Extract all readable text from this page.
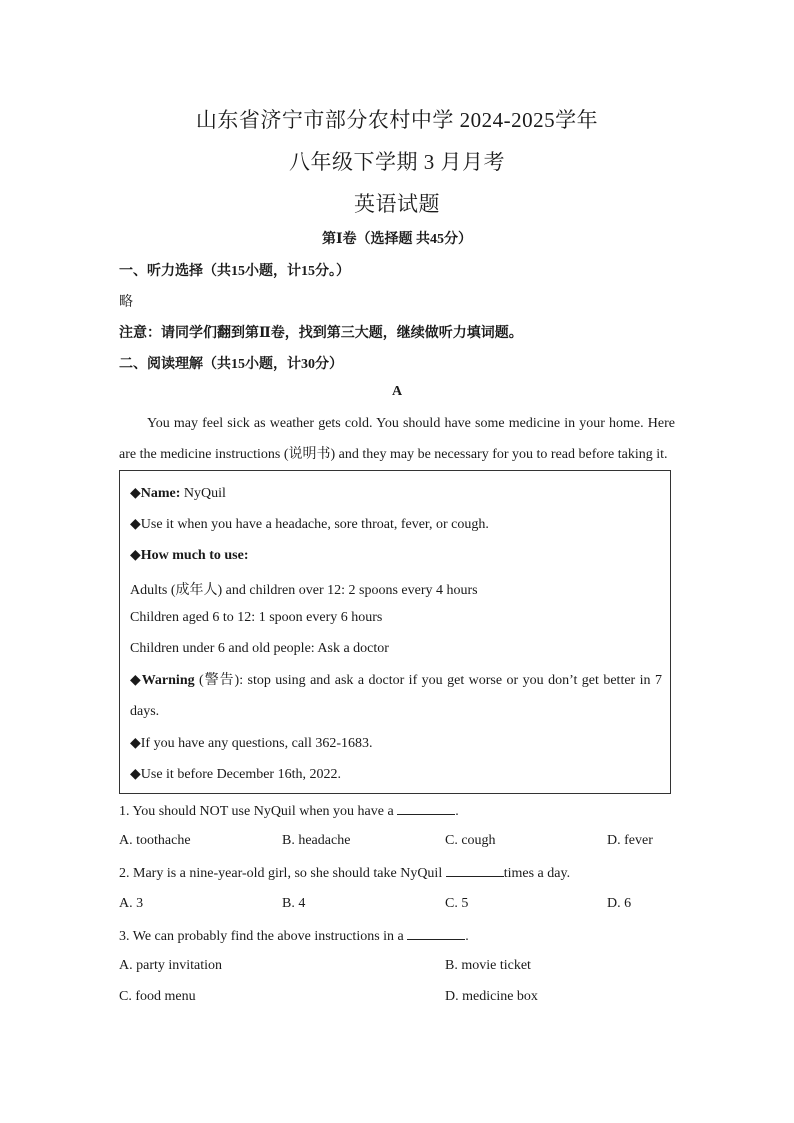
山东省济宁市部分农村中学 2024-2025学年
八年级下学期 3 月月考
英语试题
第Ⅰ卷（选择题 共45分）
一、听力选择（共15小题，计15分。）
略
注意：请同学们翻到第Ⅱ卷，找到第三大题，继续做听力填词题。
二、阅读理解（共15小题，计30分）
A
You may feel sick as weather gets cold. You should have some medicine in your home. Here are the medicine instructions (说明书) and they may be necessary for you to read before taking it.
◆Name: NyQuil
◆Use it when you have a headache, sore throat, fever, or cough.
◆How much to use:
Adults (成年人) and children over 12: 2 spoons every 4 hours
Children aged 6 to 12: 1 spoon every 6 hours
Children under 6 and old people: Ask a doctor
◆Warning (警告): stop using and ask a doctor if you get worse or you don’t get better in 7 days.
◆If you have any questions, call 362-1683.
◆Use it before December 16th, 2022.
1. You should NOT use NyQuil when you have a	.
A. toothache	B. headache	C. cough	D. fever
2. Mary is a nine-year-old girl, so she should take NyQuil	times a day.
A. 3	B. 4	C. 5	D. 6
3. We can probably find the above instructions in a	.
A. party invitation	B. movie ticket
C. food menu	D. medicine box
